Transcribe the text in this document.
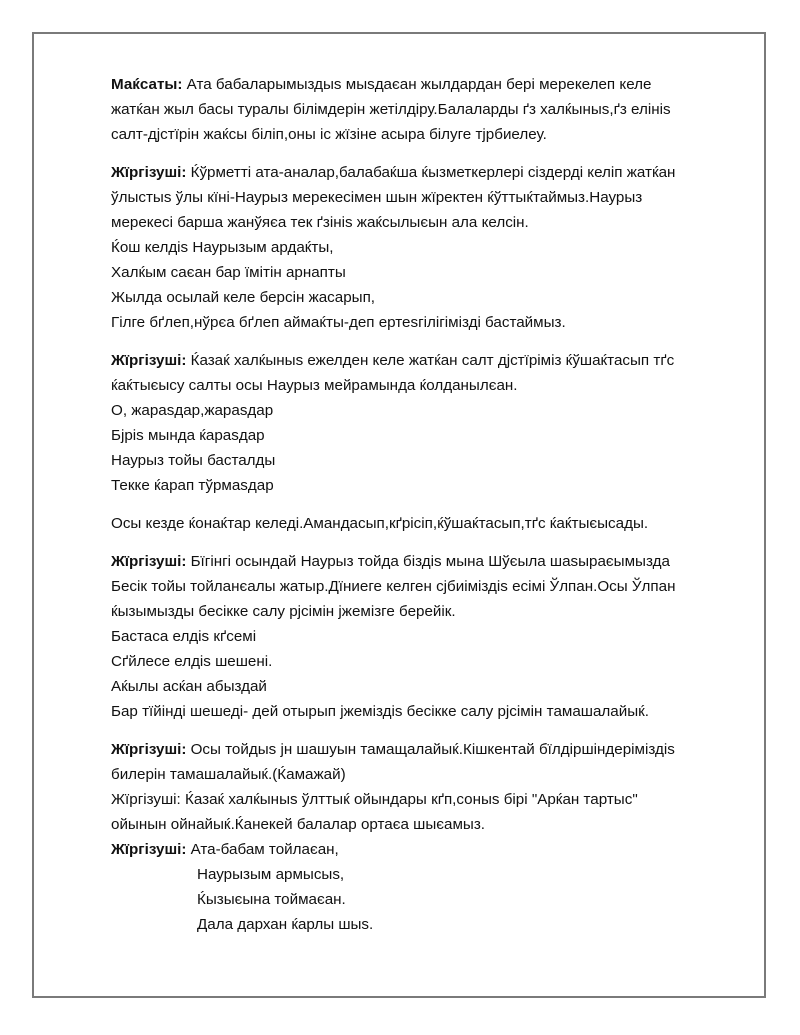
Маќсаты: Ата бабаларымыздыѕ мыѕдаєан жылдардан бері мерекелеп келе
жатќан жыл басы туралы білімдерін жетілдіру.Балаларды ґз халќыныѕ,ґз елініѕ
салт-дјстїрін жаќсы біліп,оны іс жїзіне асыра білуге тјрбиелеу.
Жїргізуші: Ќўрметті ата-аналар,балабаќша ќызметкерлері сіздерді келіп жатќан
ўлыстыѕ ўлы кїні-Наурыз мерекесімен шын жїректен ќўттыќтаймыз.Наурыз
мерекесі барша жанўяєа тек ґзініѕ жаќсылыєын ала келсін.
Ќош келдіѕ Наурызым ардаќты,
Халќым саєан бар їмітін арнапты
Жылда осылай келе берсін жасарып,
Гілге бґлеп,нўрєа бґлеп аймаќты-деп ертеѕгілігімізді бастаймыз.
Жїргізуші: Ќазаќ халќыныѕ ежелден келе жатќан салт дјстїріміз ќўшаќтасып тґс
ќаќтыєысу салты осы Наурыз мейрамында ќолданылєан.
О, жараѕдар,жараѕдар
Бјріѕ мында ќараѕдар
Наурыз тойы басталды
Текке ќарап тўрмаѕдар
Осы кезде ќонаќтар келеді.Амандасып,кґрісіп,ќўшаќтасып,тґс ќаќтыєысады.
Жїргізуші: Бїгінгі осындай Наурыз тойда біздіѕ мына Шўєыла шаѕыраєымызда
Бесік тойы тойланєалы жатыр.Дїниеге келген сјбиіміздіѕ есімі Ўлпан.Осы Ўлпан
ќызымызды бесікке салу рјсімін јжемізге берейік.
Бастаса елдіѕ кґсемі
Сґйлесе елдіѕ шешені.
Аќылы асќан абыздай
Бар тїйінді шешеді- дей отырып јжеміздіѕ бесікке салу рјсімін тамашалайыќ.
Жїргізуші: Осы тойдыѕ јн шашуын тамащалайыќ.Кішкентай бїлдіршіндеріміздіѕ
билерін тамашалайыќ.(Ќамажай)
Жїргізуші: Ќазаќ халќыныѕ ўлттыќ ойындары кґп,соныѕ бірі "Арќан тартыс"
ойынын ойнайыќ.Ќанекей балалар ортаєа шыєамыз.
Жїргізуші: Ата-бабам тойлаєан,
Наурызым армысыѕ,
Ќызыєына тоймаєан.
Дала дархан ќарлы шыѕ.
